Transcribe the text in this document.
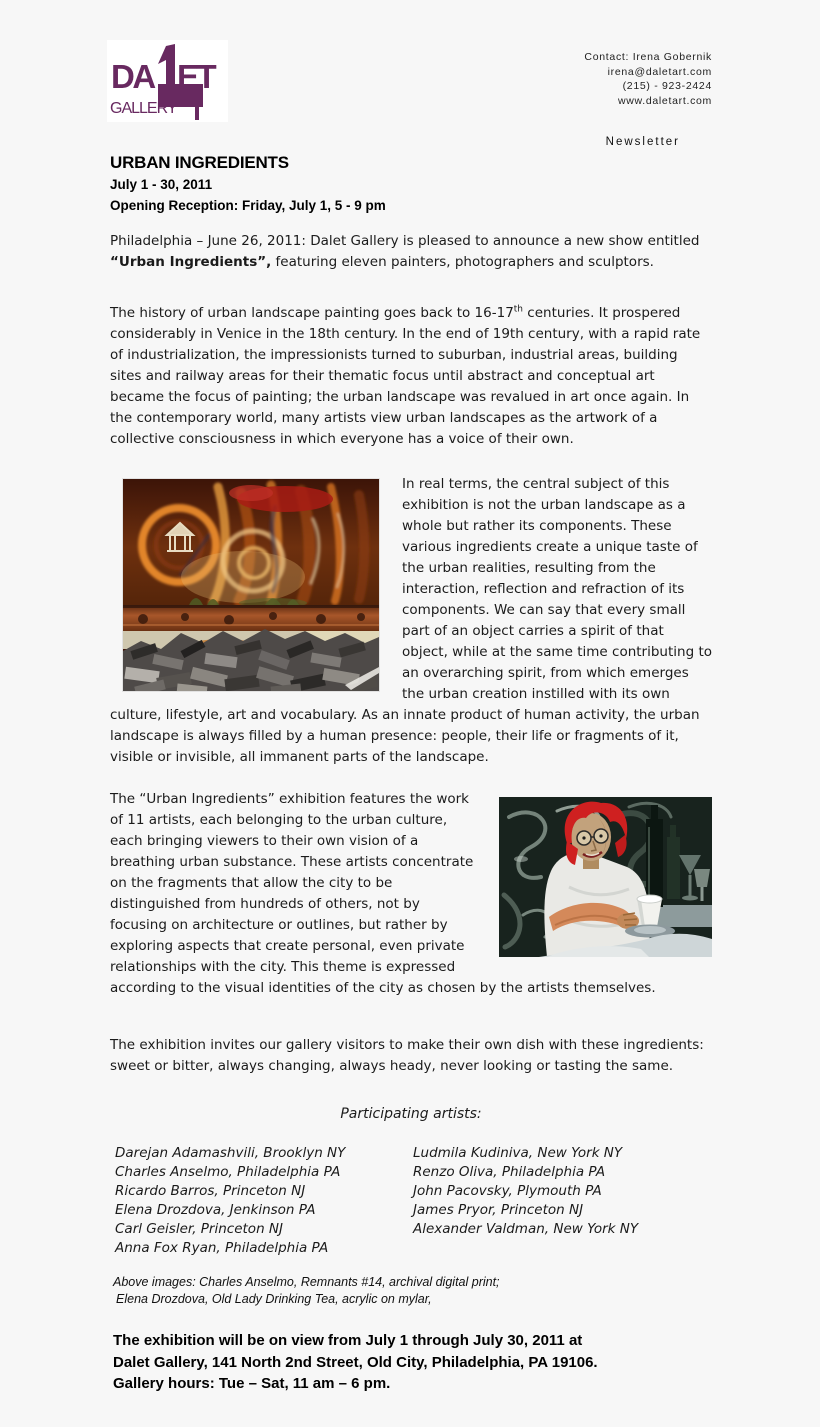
DA ET
GALLERY
Contact: Irena Gobernik
irena@daletart.com
(215) - 923-2424
www.daletart.com
Newsletter
URBAN INGREDIENTS
July 1 - 30, 2011
Opening Reception: Friday, July 1, 5 - 9 pm
Philadelphia – June 26, 2011: Dalet Gallery is pleased to announce a new show entitled “Urban Ingredients”, featuring eleven painters, photographers and sculptors.
The history of urban landscape painting goes back to 16-17th centuries. It prospered considerably in Venice in the 18th century. In the end of 19th century, with a rapid rate of industrialization, the impressionists turned to suburban, industrial areas, building sites and railway areas for their thematic focus until abstract and conceptual art became the focus of painting; the urban landscape was revalued in art once again. In the contemporary world, many artists view urban landscapes as the artwork of a collective consciousness in which everyone has a voice of their own.
In real terms, the central subject of this exhibition is not the urban landscape as a whole but rather its components. These various ingredients create a unique taste of the urban realities, resulting from the interaction, reflection and refraction of its components. We can say that every small part of an object carries a spirit of that object, while at the same time contributing to an overarching spirit, from which emerges the urban creation instilled with its own culture, lifestyle, art and vocabulary. As an innate product of human activity, the urban landscape is always filled by a human presence: people, their life or fragments of it, visible or invisible, all immanent parts of the landscape.
The “Urban Ingredients” exhibition features the work of 11 artists, each belonging to the urban culture, each bringing viewers to their own vision of a breathing urban substance. These artists concentrate on the fragments that allow the city to be distinguished from hundreds of others, not by focusing on architecture or outlines, but rather by exploring aspects that create personal, even private relationships with the city. This theme is expressed according to the visual identities of the city as chosen by the artists themselves.
The exhibition invites our gallery visitors to make their own dish with these ingredients: sweet or bitter, always changing, always heady, never looking or tasting the same.
Participating artists:
Darejan Adamashvili, Brooklyn NY
Charles Anselmo, Philadelphia PA
Ricardo Barros, Princeton NJ
Elena Drozdova, Jenkinson PA
Carl Geisler, Princeton NJ
Anna Fox Ryan, Philadelphia PA
Ludmila Kudiniva, New York NY
Renzo Oliva, Philadelphia PA
John Pacovsky, Plymouth PA
James Pryor, Princeton NJ
Alexander Valdman, New York NY
Above images: Charles Anselmo, Remnants #14, archival digital print;
Elena Drozdova, Old Lady Drinking Tea, acrylic on mylar,
The exhibition will be on view from July 1 through July 30, 2011 at
Dalet Gallery, 141 North 2nd Street, Old City, Philadelphia, PA 19106.
Gallery hours: Tue – Sat, 11 am – 6 pm.
